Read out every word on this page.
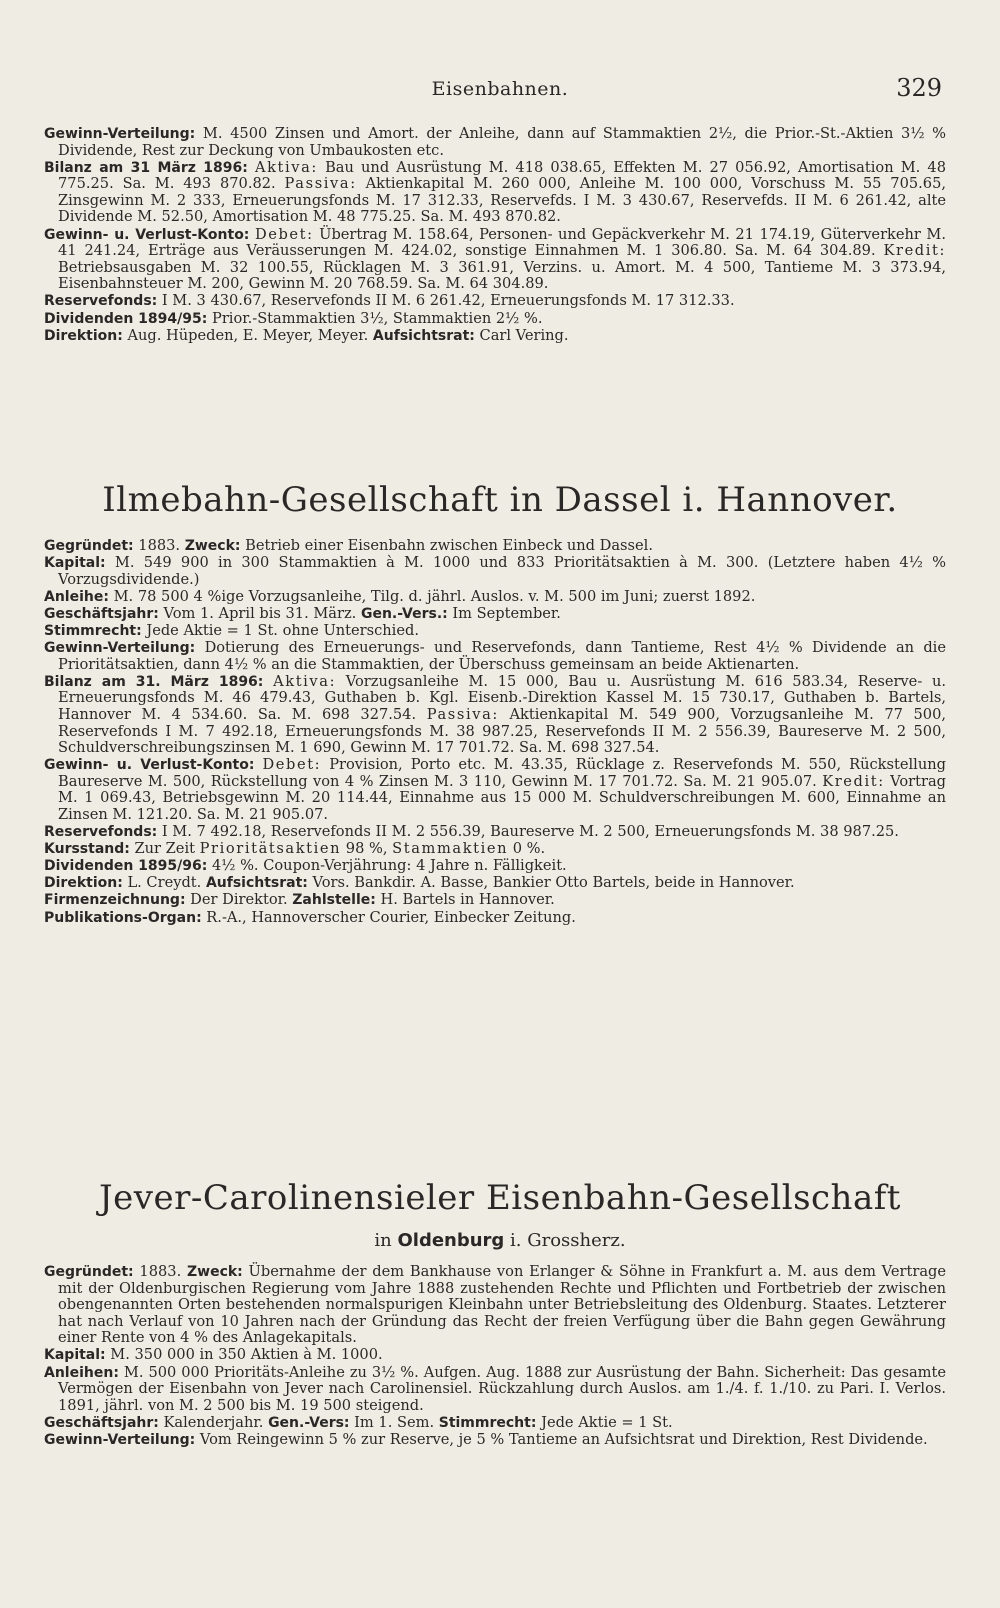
Eisenbahnen.	329

Gewinn-Verteilung: M. 4500 Zinsen und Amort. der Anleihe, dann auf Stammaktien 2½, die Prior.-St.-Aktien 3½ % Dividende, Rest zur Deckung von Umbaukosten etc.

Bilanz am 31 März 1896: Aktiva: Bau und Ausrüstung M. 418 038.65, Effekten M. 27 056.92, Amortisation M. 48 775.25. Sa. M. 493 870.82. Passiva: Aktienkapital M. 260 000, Anleihe M. 100 000, Vorschuss M. 55 705.65, Zinsgewinn M. 2 333, Erneuerungsfonds M. 17 312.33, Reservefds. I M. 3 430.67, Reservefds. II M. 6 261.42, alte Dividende M. 52.50, Amortisation M. 48 775.25. Sa. M. 493 870.82.

Gewinn- u. Verlust-Konto: Debet: Übertrag M. 158.64, Personen- und Gepäckverkehr M. 21 174.19, Güterverkehr M. 41 241.24, Erträge aus Veräusserungen M. 424.02, sonstige Einnahmen M. 1 306.80. Sa. M. 64 304.89. Kredit: Betriebsausgaben M. 32 100.55, Rücklagen M. 3 361.91, Verzins. u. Amort. M. 4 500, Tantieme M. 3 373.94, Eisenbahnsteuer M. 200, Gewinn M. 20 768.59. Sa. M. 64 304.89.

Reservefonds: I M. 3 430.67, Reservefonds II M. 6 261.42, Erneuerungsfonds M. 17 312.33.

Dividenden 1894/95: Prior.-Stammaktien 3½, Stammaktien 2½ %.

Direktion: Aug. Hüpeden, E. Meyer, Meyer. Aufsichtsrat: Carl Vering.

Ilmebahn-Gesellschaft in Dassel i. Hannover.

Gegründet: 1883. Zweck: Betrieb einer Eisenbahn zwischen Einbeck und Dassel.

Kapital: M. 549 900 in 300 Stammaktien à M. 1000 und 833 Prioritätsaktien à M. 300. (Letztere haben 4½ % Vorzugsdividende.)

Anleihe: M. 78 500 4 %ige Vorzugsanleihe, Tilg. d. jährl. Auslos. v. M. 500 im Juni; zuerst 1892.

Geschäftsjahr: Vom 1. April bis 31. März. Gen.-Vers.: Im September.

Stimmrecht: Jede Aktie = 1 St. ohne Unterschied.

Gewinn-Verteilung: Dotierung des Erneuerungs- und Reservefonds, dann Tantieme, Rest 4½ % Dividende an die Prioritätsaktien, dann 4½ % an die Stammaktien, der Überschuss gemeinsam an beide Aktienarten.

Bilanz am 31. März 1896: Aktiva: Vorzugsanleihe M. 15 000, Bau u. Ausrüstung M. 616 583.34, Reserve- u. Erneuerungsfonds M. 46 479.43, Guthaben b. Kgl. Eisenb.-Direktion Kassel M. 15 730.17, Guthaben b. Bartels, Hannover M. 4 534.60. Sa. M. 698 327.54. Passiva: Aktienkapital M. 549 900, Vorzugsanleihe M. 77 500, Reservefonds I M. 7 492.18, Erneuerungsfonds M. 38 987.25, Reservefonds II M. 2 556.39, Baureserve M. 2 500, Schuldverschreibungszinsen M. 1 690, Gewinn M. 17 701.72. Sa. M. 698 327.54.

Gewinn- u. Verlust-Konto: Debet: Provision, Porto etc. M. 43.35, Rücklage z. Reservefonds M. 550, Rückstellung Baureserve M. 500, Rückstellung von 4 % Zinsen M. 3 110, Gewinn M. 17 701.72. Sa. M. 21 905.07. Kredit: Vortrag M. 1 069.43, Betriebsgewinn M. 20 114.44, Einnahme aus 15 000 M. Schuldverschreibungen M. 600, Einnahme an Zinsen M. 121.20. Sa. M. 21 905.07.

Reservefonds: I M. 7 492.18, Reservefonds II M. 2 556.39, Baureserve M. 2 500, Erneuerungsfonds M. 38 987.25.

Kursstand: Zur Zeit Prioritätsaktien 98 %, Stammaktien 0 %.

Dividenden 1895/96: 4½ %. Coupon-Verjährung: 4 Jahre n. Fälligkeit.

Direktion: L. Creydt. Aufsichtsrat: Vors. Bankdir. A. Basse, Bankier Otto Bartels, beide in Hannover.

Firmenzeichnung: Der Direktor. Zahlstelle: H. Bartels in Hannover.

Publikations-Organ: R.-A., Hannoverscher Courier, Einbecker Zeitung.

Jever-Carolinensieler Eisenbahn-Gesellschaft
in Oldenburg i. Grossherz.

Gegründet: 1883. Zweck: Übernahme der dem Bankhause von Erlanger & Söhne in Frankfurt a. M. aus dem Vertrage mit der Oldenburgischen Regierung vom Jahre 1888 zustehenden Rechte und Pflichten und Fortbetrieb der zwischen obengenannten Orten bestehenden normalspurigen Kleinbahn unter Betriebsleitung des Oldenburg. Staates. Letzterer hat nach Verlauf von 10 Jahren nach der Gründung das Recht der freien Verfügung über die Bahn gegen Gewährung einer Rente von 4 % des Anlagekapitals.

Kapital: M. 350 000 in 350 Aktien à M. 1000.

Anleihen: M. 500 000 Prioritäts-Anleihe zu 3½ %. Aufgen. Aug. 1888 zur Ausrüstung der Bahn. Sicherheit: Das gesamte Vermögen der Eisenbahn von Jever nach Carolinensiel. Rückzahlung durch Auslos. am 1./4. f. 1./10. zu Pari. I. Verlos. 1891, jährl. von M. 2 500 bis M. 19 500 steigend.

Geschäftsjahr: Kalenderjahr. Gen.-Vers: Im 1. Sem. Stimmrecht: Jede Aktie = 1 St.

Gewinn-Verteilung: Vom Reingewinn 5 % zur Reserve, je 5 % Tantieme an Aufsichtsrat und Direktion, Rest Dividende.
